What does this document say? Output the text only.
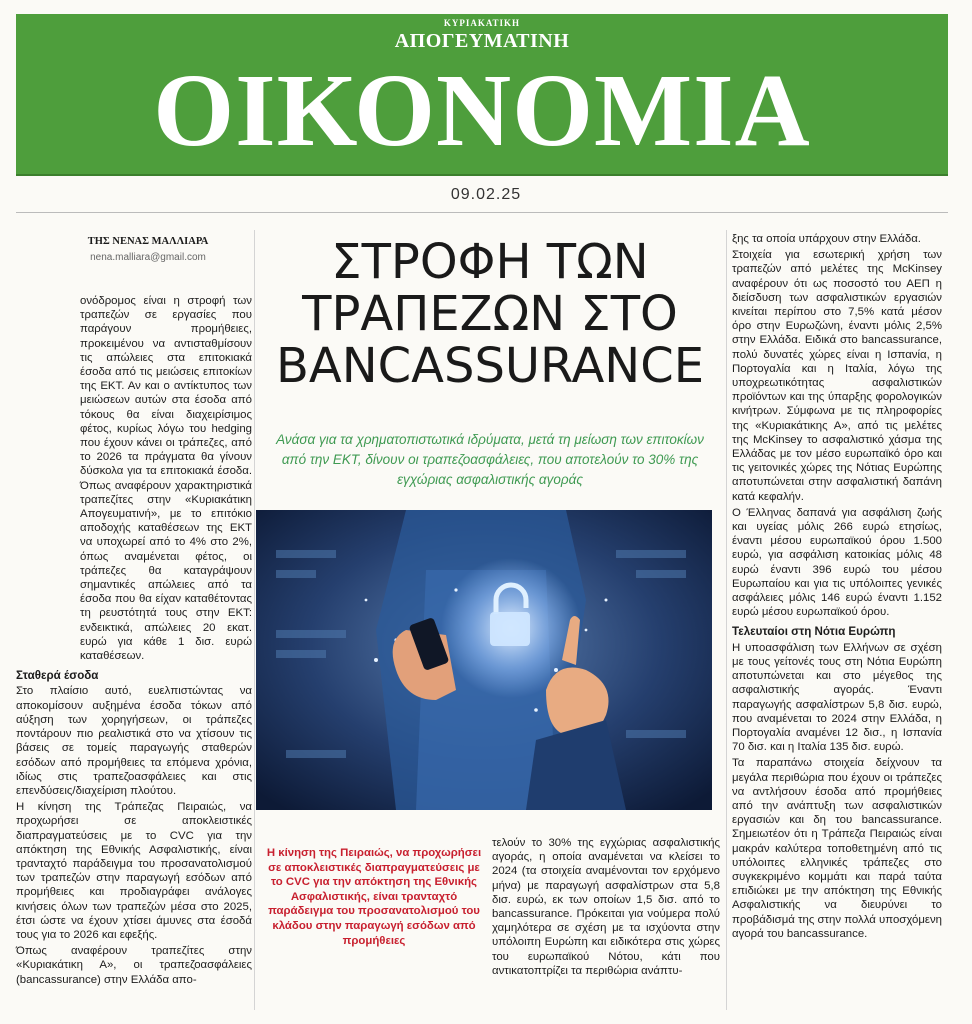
ΚΥΡΙΑΚΑΤΙΚΗ
ΑΠΟΓΕΥΜΑΤΙΝΗ
ΟΙΚΟΝΟΜΙΑ
09.02.25
ΤΗΣ ΝΕΝΑΣ ΜΑΛΛΙΑΡΑ
nena.malliara@gmail.com

ονόδρομος είναι η στροφή των τραπεζών σε εργασίες που παράγουν προμήθειες, προκειμένου να αντισταθμίσουν τις απώλειες στα επιτοκιακά έσοδα από τις μειώσεις επιτοκίων της ΕΚΤ. Αν και ο αντίκτυπος των μειώσεων αυτών στα έσοδα από τόκους θα είναι διαχειρίσιμος φέτος, κυρίως λόγω του hedging που έχουν κάνει οι τράπεζες, από το 2026 τα πράγματα θα γίνουν δύσκολα για τα επιτοκιακά έσοδα. Όπως αναφέρουν χαρακτηριστικά τραπεζίτες στην «Κυριακάτικη Απογευματινή», με το επιτόκιο αποδοχής καταθέσεων της ΕΚΤ να υποχωρεί από το 4% στο 2%, όπως αναμένεται φέτος, οι τράπεζες θα καταγράψουν σημαντικές απώλειες από τα έσοδα που θα είχαν καταθέτοντας τη ρευστότητά τους στην ΕΚΤ: ενδεικτικά, απώλειες 20 εκατ. ευρώ για κάθε 1 δισ. ευρώ καταθέσεων.

Σταθερά έσοδα

Στο πλαίσιο αυτό, ευελπιστώντας να αποκομίσουν αυξημένα έσοδα τόκων από αύξηση των χορηγήσεων, οι τράπεζες ποντάρουν πιο ρεαλιστικά στο να χτίσουν τις βάσεις σε τομείς παραγωγής σταθερών εσόδων από προμήθειες τα επόμενα χρόνια, ιδίως στις τραπεζοασφάλειες και στις επενδύσεις/διαχείριση πλούτου.

Η κίνηση της Τράπεζας Πειραιώς, να προχωρήσει σε αποκλειστικές διαπραγματεύσεις με το CVC για την απόκτηση της Εθνικής Ασφαλιστικής, είναι τρανταχτό παράδειγμα του προσανατολισμού των τραπεζών στην παραγωγή εσόδων από προμήθειες και προδιαγράφει ανάλογες κινήσεις όλων των τραπεζών μέσα στο 2025, έτσι ώστε να έχουν χτίσει άμυνες στα έσοδά τους για το 2026 και εφεξής.

Όπως αναφέρουν τραπεζίτες στην «Κυριακάτικη Α», οι τραπεζοασφάλειες (bancassurance) στην Ελλάδα απο-

ΣΤΡΟΦΗ ΤΩΝ ΤΡΑΠΕΖΩΝ ΣΤΟ BANCASSURANCE
Ανάσα για τα χρηματοπιστωτικά ιδρύματα, μετά τη μείωση των επιτοκίων από την ΕΚΤ, δίνουν οι τραπεζοασφάλειες, που αποτελούν το 30% της εγχώριας ασφαλιστικής αγοράς
Η κίνηση της Πειραιώς, να προχωρήσει σε αποκλειστικές διαπραγματεύσεις με το CVC για την απόκτηση της Εθνικής Ασφαλιστικής, είναι τρανταχτό παράδειγμα του προσανατολισμού του κλάδου στην παραγωγή εσόδων από προμήθειες

τελούν το 30% της εγχώριας ασφαλιστικής αγοράς, η οποία αναμένεται να κλείσει το 2024 (τα στοιχεία αναμένονται τον ερχόμενο μήνα) με παραγωγή ασφαλίστρων στα 5,8 δισ. ευρώ, εκ των οποίων 1,5 δισ. από το bancassurance. Πρόκειται για νούμερα πολύ χαμηλότερα σε σχέση με τα ισχύοντα στην υπόλοιπη Ευρώπη και ειδικότερα στις χώρες του ευρωπαϊκού Νότου, κάτι που αντικατοπτρίζει τα περιθώρια ανάπτυ-

ξης τα οποία υπάρχουν στην Ελλάδα.

Στοιχεία για εσωτερική χρήση των τραπεζών από μελέτες της McKinsey αναφέρουν ότι ως ποσοστό του ΑΕΠ η διείσδυση των ασφαλιστικών εργασιών κινείται περίπου στο 7,5% κατά μέσον όρο στην Ευρωζώνη, έναντι μόλις 2,5% στην Ελλάδα. Ειδικά στο bancassurance, πολύ δυνατές χώρες είναι η Ισπανία, η Πορτογαλία και η Ιταλία, λόγω της υποχρεωτικότητας ασφαλιστικών προϊόντων και της ύπαρξης φορολογικών κινήτρων. Σύμφωνα με τις πληροφορίες της «Κυριακάτικης Α», από τις μελέτες της McKinsey το ασφαλιστικό χάσμα της Ελλάδας με τον μέσο ευρωπαϊκό όρο και τις γειτονικές χώρες της Νότιας Ευρώπης αποτυπώνεται στην ασφαλιστική δαπάνη κατά κεφαλήν.

Ο Έλληνας δαπανά για ασφάλιση ζωής και υγείας μόλις 266 ευρώ ετησίως, έναντι μέσου ευρωπαϊκού όρου 1.500 ευρώ, για ασφάλιση κατοικίας μόλις 48 ευρώ έναντι 396 ευρώ του μέσου Ευρωπαίου και για τις υπόλοιπες γενικές ασφάλειες μόλις 146 ευρώ έναντι 1.152 ευρώ μέσου ευρωπαϊκού όρου.

Τελευταίοι στη Νότια Ευρώπη

Η υποασφάλιση των Ελλήνων σε σχέση με τους γείτονές τους στη Νότια Ευρώπη αποτυπώνεται και στο μέγεθος της ασφαλιστικής αγοράς. Έναντι παραγωγής ασφαλίστρων 5,8 δισ. ευρώ, που αναμένεται το 2024 στην Ελλάδα, η Πορτογαλία αναμένει 12 δισ., η Ισπανία 70 δισ. και η Ιταλία 135 δισ. ευρώ.

Τα παραπάνω στοιχεία δείχνουν τα μεγάλα περιθώρια που έχουν οι τράπεζες να αντλήσουν έσοδα από προμήθειες από την ανάπτυξη των ασφαλιστικών εργασιών και δη του bancassurance. Σημειωτέον ότι η Τράπεζα Πειραιώς είναι μακράν καλύτερα τοποθετημένη από τις υπόλοιπες ελληνικές τράπεζες στο συγκεκριμένο κομμάτι και παρά ταύτα επιδιώκει με την απόκτηση της Εθνικής Ασφαλιστικής να διευρύνει το προβάδισμά της στην πολλά υποσχόμενη αγορά του bancassurance.
